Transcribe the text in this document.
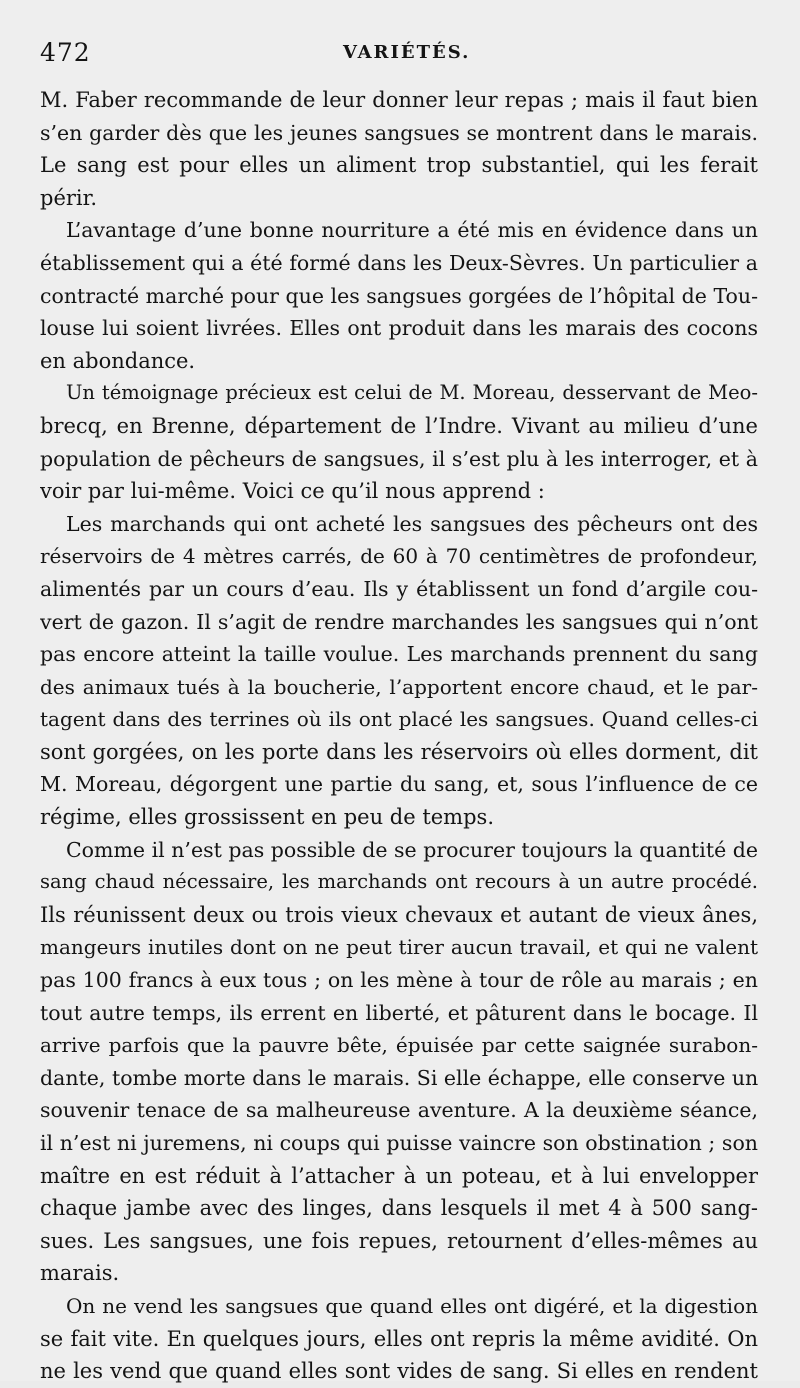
472	VARIÉTÉS.
M. Faber recommande de leur donner leur repas ; mais il faut bien
s’en garder dès que les jeunes sangsues se montrent dans le marais.
Le sang est pour elles un aliment trop substantiel, qui les ferait
périr.
L’avantage d’une bonne nourriture a été mis en évidence dans un
établissement qui a été formé dans les Deux-Sèvres. Un particulier a
contracté marché pour que les sangsues gorgées de l’hôpital de Tou-
louse lui soient livrées. Elles ont produit dans les marais des cocons
en abondance.
Un témoignage précieux est celui de M. Moreau, desservant de Meo-
brecq, en Brenne, département de l’Indre. Vivant au milieu d’une
population de pêcheurs de sangsues, il s’est plu à les interroger, et à
voir par lui-même. Voici ce qu’il nous apprend :
Les marchands qui ont acheté les sangsues des pêcheurs ont des
réservoirs de 4 mètres carrés, de 60 à 70 centimètres de profondeur,
alimentés par un cours d’eau. Ils y établissent un fond d’argile cou-
vert de gazon. Il s’agit de rendre marchandes les sangsues qui n’ont
pas encore atteint la taille voulue. Les marchands prennent du sang
des animaux tués à la boucherie, l’apportent encore chaud, et le par-
tagent dans des terrines où ils ont placé les sangsues. Quand celles-ci
sont gorgées, on les porte dans les réservoirs où elles dorment, dit
M. Moreau, dégorgent une partie du sang, et, sous l’influence de ce
régime, elles grossissent en peu de temps.
Comme il n’est pas possible de se procurer toujours la quantité de
sang chaud nécessaire, les marchands ont recours à un autre procédé.
Ils réunissent deux ou trois vieux chevaux et autant de vieux ânes,
mangeurs inutiles dont on ne peut tirer aucun travail, et qui ne valent
pas 100 francs à eux tous ; on les mène à tour de rôle au marais ; en
tout autre temps, ils errent en liberté, et pâturent dans le bocage. Il
arrive parfois que la pauvre bête, épuisée par cette saignée surabon-
dante, tombe morte dans le marais. Si elle échappe, elle conserve un
souvenir tenace de sa malheureuse aventure. A la deuxième séance,
il n’est ni juremens, ni coups qui puisse vaincre son obstination ; son
maître en est réduit à l’attacher à un poteau, et à lui envelopper
chaque jambe avec des linges, dans lesquels il met 4 à 500 sang-
sues. Les sangsues, une fois repues, retournent d’elles-mêmes au
marais.
On ne vend les sangsues que quand elles ont digéré, et la digestion
se fait vite. En quelques jours, elles ont repris la même avidité. On
ne les vend que quand elles sont vides de sang. Si elles en rendent
